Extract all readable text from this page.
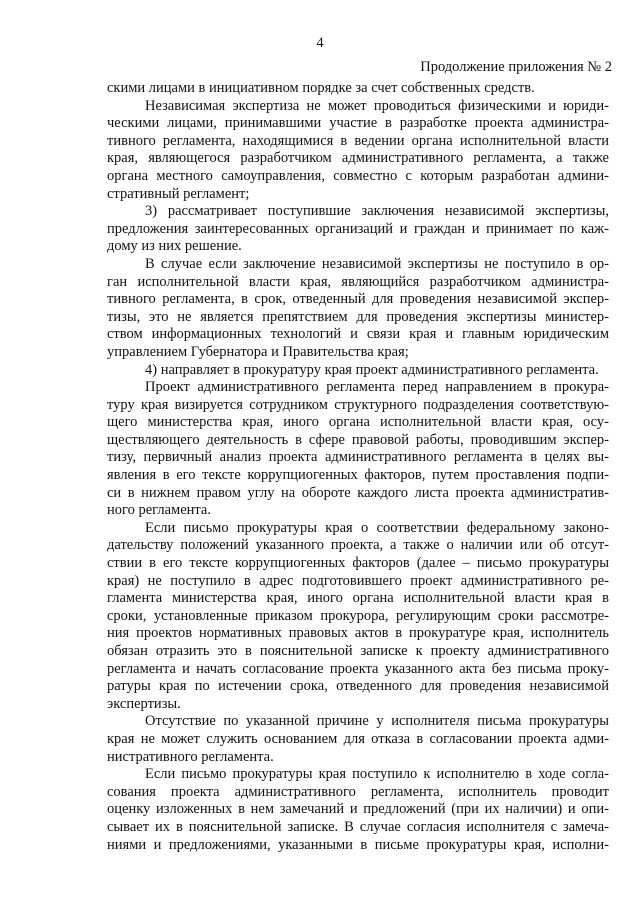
4
Продолжение приложения № 2

скими лицами в инициативном порядке за счет собственных средств.

Независимая экспертиза не может проводиться физическими и юриди-
ческими лицами, принимавшими участие в разработке проекта администра-
тивного регламента, находящимися в ведении органа исполнительной власти
края, являющегося разработчиком административного регламента, а также
органа местного самоуправления, совместно с которым разработан админи-
стративный регламент;

3) рассматривает поступившие заключения независимой экспертизы,
предложения заинтересованных организаций и граждан и принимает по каж-
дому из них решение.

В случае если заключение независимой экспертизы не поступило в ор-
ган исполнительной власти края, являющийся разработчиком администра-
тивного регламента, в срок, отведенный для проведения независимой экспер-
тизы, это не является препятствием для проведения экспертизы министер-
ством информационных технологий и связи края и главным юридическим
управлением Губернатора и Правительства края;

4) направляет в прокуратуру края проект административного регламента.

Проект административного регламента перед направлением в прокура-
туру края визируется сотрудником структурного подразделения соответствую-
щего министерства края, иного органа исполнительной власти края, осу-
ществляющего деятельность в сфере правовой работы, проводившим экспер-
тизу, первичный анализ проекта административного регламента в целях вы-
явления в его тексте коррупциогенных факторов, путем проставления подпи-
си в нижнем правом углу на обороте каждого листа проекта административ-
ного регламента.

Если письмо прокуратуры края о соответствии федеральному законо-
дательству положений указанного проекта, а также о наличии или об отсут-
ствии в его тексте коррупциогенных факторов (далее – письмо прокуратуры
края) не поступило в адрес подготовившего проект административного ре-
гламента министерства края, иного органа исполнительной власти края в
сроки, установленные приказом прокурора, регулирующим сроки рассмотре-
ния проектов нормативных правовых актов в прокуратуре края, исполнитель
обязан отразить это в пояснительной записке к проекту административного
регламента и начать согласование проекта указанного акта без письма проку-
ратуры края по истечении срока, отведенного для проведения независимой
экспертизы.

Отсутствие по указанной причине у исполнителя письма прокуратуры
края не может служить основанием для отказа в согласовании проекта адми-
нистративного регламента.

Если письмо прокуратуры края поступило к исполнителю в ходе согла-
сования проекта административного регламента, исполнитель проводит
оценку изложенных в нем замечаний и предложений (при их наличии) и опи-
сывает их в пояснительной записке. В случае согласия исполнителя с замеча-
ниями и предложениями, указанными в письме прокуратуры края, исполни-
